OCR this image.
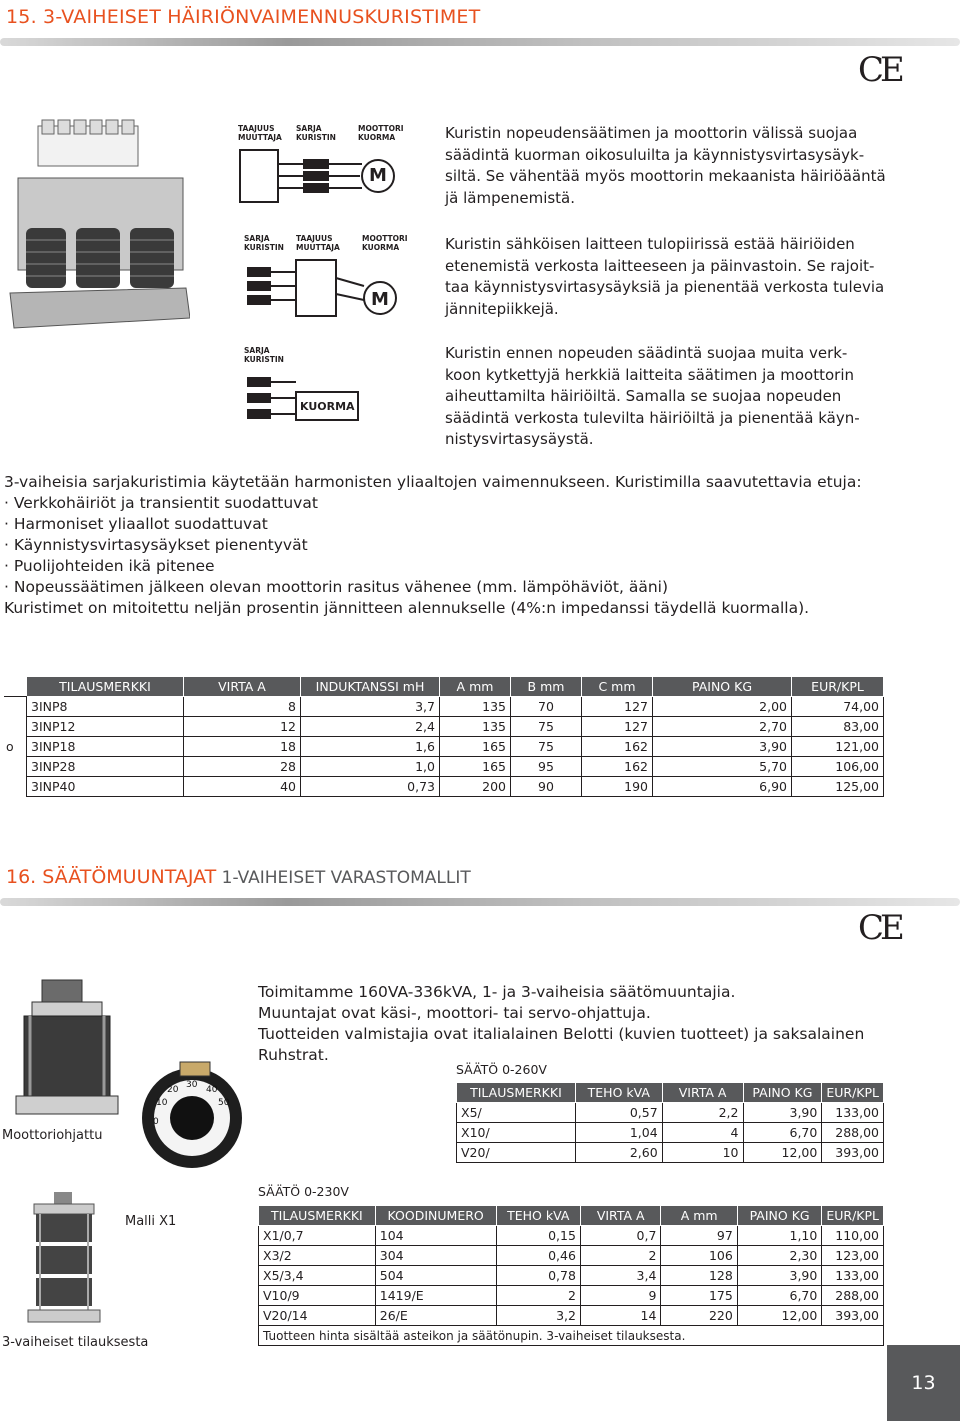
15. 3-VAIHEISET HÄIRIÖNVAIMENNUSKURISTIMET
CE
TAAJUUS MUUTTAJA
SARJA KURISTIN
MOOTTORI KUORMA
M
SARJA KURISTIN
TAAJUUS MUUTTAJA
MOOTTORI KUORMA
M
SARJA KURISTIN
KUORMA
Kuristin nopeudensäätimen ja moottorin välissä suojaa
säädintä kuorman oikosuluilta ja käynnistysvirtasysäyk-
siltä. Se vähentää myös moottorin mekaanista häiriöääntä
jä lämpenemistä.
Kuristin sähköisen laitteen tulopiirissä estää häiriöiden
etenemistä verkosta laitteeseen ja päinvastoin. Se rajoit-
taa käynnistysvirtasysäyksiä ja pienentää verkosta tulevia
jännitepiikkejä.
Kuristin ennen nopeuden säädintä suojaa muita verk-
koon kytkettyjä herkkiä laitteita säätimen ja moottorin
aiheuttamilta häiriöiltä. Samalla se suojaa nopeuden
säädintä verkosta tulevilta häiriöiltä ja pienentää käyn-
nistysvirtasysäystä.
3-vaiheisia sarjakuristimia käytetään harmonisten yliaaltojen vaimennukseen. Kuristimilla saavutettavia etuja:
· Verkkohäiriöt ja transientit suodattuvat
· Harmoniset yliaallot suodattuvat
· Käynnistysvirtasysäykset pienentyvät
· Puolijohteiden ikä pitenee
· Nopeussäätimen jälkeen olevan moottorin rasitus vähenee (mm. lämpöhäviöt, ääni)
Kuristimet on mitoitettu neljän prosentin jännitteen alennukselle (4%:n impedanssi täydellä kuormalla).
	TILAUSMERKKI	VIRTA A	INDUKTANSSI mH	A mm	B mm	C mm	PAINO KG	EUR/KPL
	3INP8	8	3,7	135	70	127	2,00	74,00
	3INP12	12	2,4	135	75	127	2,70	83,00
o	3INP18	18	1,6	165	75	162	3,90	121,00
	3INP28	28	1,0	165	95	162	5,70	106,00
	3INP40	40	0,73	200	90	190	6,90	125,00
16. SÄÄTÖMUUNTAJAT 1-VAIHEISET VARASTOMALLIT
CE
Toimitamme 160VA-336kVA, 1- ja 3-vaiheisia säätömuuntajia.
Muuntajat ovat käsi-, moottori- tai servo-ohjattuja.
Tuotteiden valmistajia ovat italialainen Belotti (kuvien tuotteet) ja saksalainen
Ruhstrat.
Moottoriohjattu
0
10
20 30 40
50
Malli X1
3-vaiheiset tilauksesta
SÄÄTÖ 0-260V
TILAUSMERKKI	TEHO kVA	VIRTA A	PAINO KG	EUR/KPL
X5/	0,57	2,2	3,90	133,00
X10/	1,04	4	6,70	288,00
V20/	2,60	10	12,00	393,00
SÄÄTÖ 0-230V
TILAUSMERKKI	KOODINUMERO	TEHO kVA	VIRTA A	A mm	PAINO KG	EUR/KPL
X1/0,7	104	0,15	0,7	97	1,10	110,00
X3/2	304	0,46	2	106	2,30	123,00
X5/3,4	504	0,78	3,4	128	3,90	133,00
V10/9	1419/E	2	9	175	6,70	288,00
V20/14	26/E	3,2	14	220	12,00	393,00
Tuotteen hinta sisältää asteikon ja säätönupin. 3-vaiheiset tilauksesta.						
13
